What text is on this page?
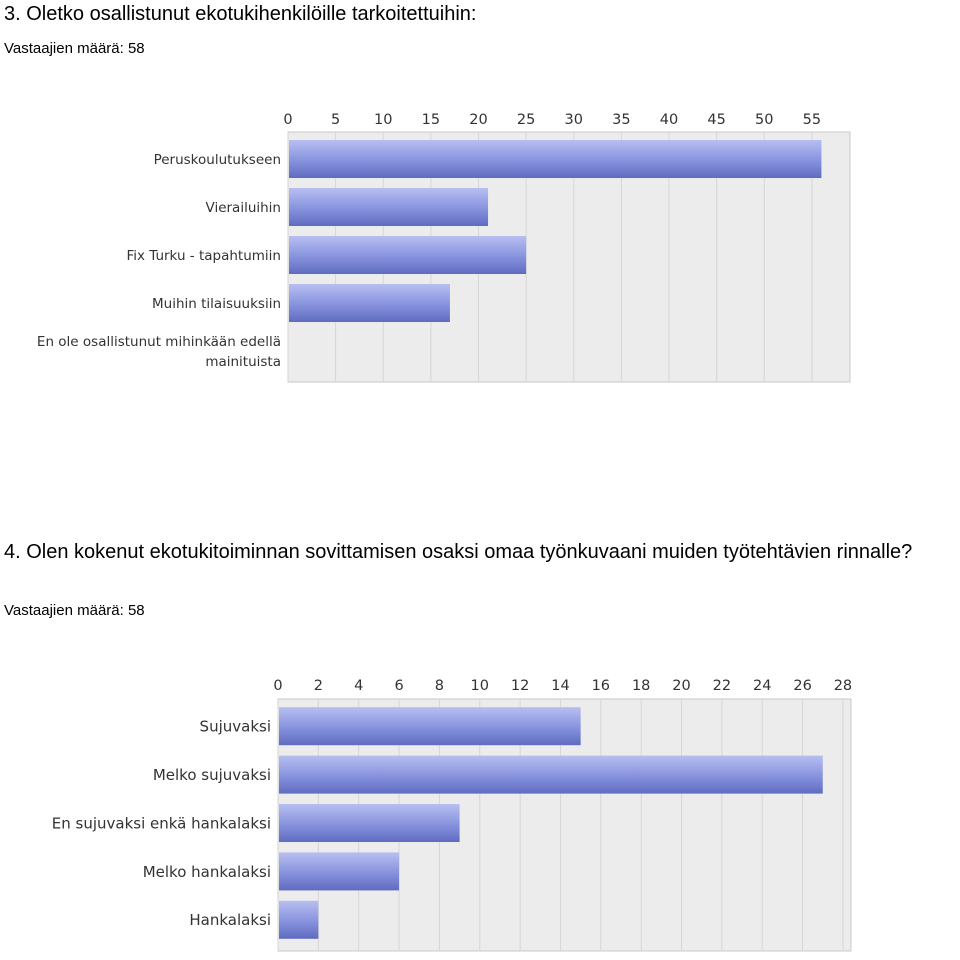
3. Oletko osallistunut ekotukihenkilöille tarkoitettuihin:
Vastaajien määrä: 58
0	5 10 15 20 25 30 35 40 45 50 55
Peruskoulutukseen
Vierailuihin
Fix Turku - tapahtumiin
Muihin tilaisuuksiin
En ole osallistunut mihinkään edellä mainituista
4. Olen kokenut ekotukitoiminnan sovittamisen osaksi omaa työnkuvaani muiden työtehtävien rinnalle?
Vastaajien määrä: 58
0 2 4 6 8 10 12 14 16 18 20 22 24 26 28
Sujuvaksi
Melko sujuvaksi
En sujuvaksi enkä hankalaksi
Melko hankalaksi
Hankalaksi
